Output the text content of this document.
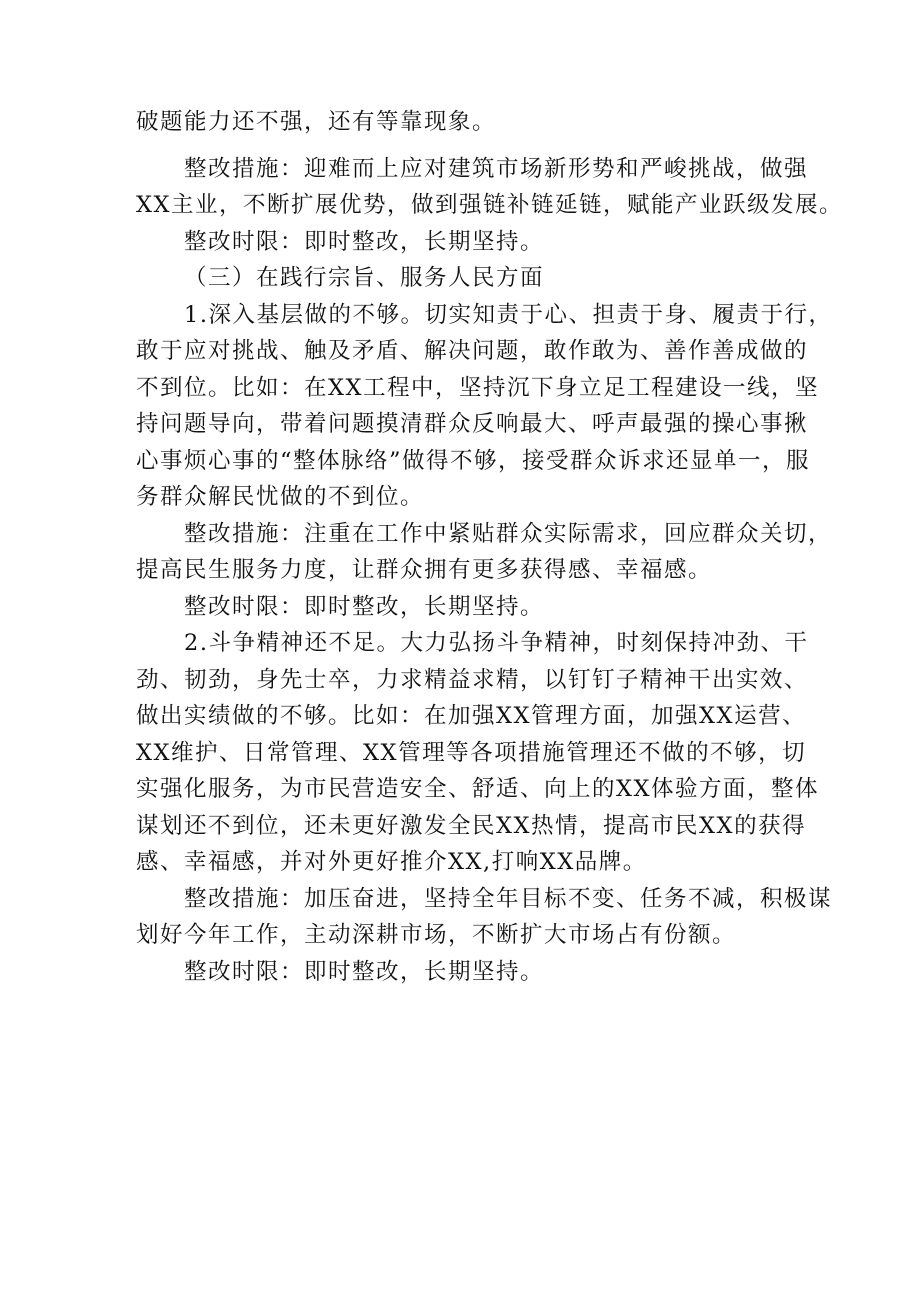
破题能力还不强，还有等靠现象。
整改措施：迎难而上应对建筑市场新形势和严峻挑战，做强
XX主业，不断扩展优势，做到强链补链延链，赋能产业跃级发展。
整改时限：即时整改，长期坚持。
（三）在践行宗旨、服务人民方面
1.深入基层做的不够。切实知责于心、担责于身、履责于行，
敢于应对挑战、触及矛盾、解决问题，敢作敢为、善作善成做的
不到位。比如：在XX工程中，坚持沉下身立足工程建设一线，坚
持问题导向，带着问题摸清群众反响最大、呼声最强的操心事揪
心事烦心事的“整体脉络”做得不够，接受群众诉求还显单一，服
务群众解民忧做的不到位。
整改措施：注重在工作中紧贴群众实际需求，回应群众关切，
提高民生服务力度，让群众拥有更多获得感、幸福感。
整改时限：即时整改，长期坚持。
2.斗争精神还不足。大力弘扬斗争精神，时刻保持冲劲、干
劲、韧劲，身先士卒，力求精益求精，以钉钉子精神干出实效、
做出实绩做的不够。比如：在加强XX管理方面，加强XX运营、
XX维护、日常管理、XX管理等各项措施管理还不做的不够，切
实强化服务，为市民营造安全、舒适、向上的XX体验方面，整体
谋划还不到位，还未更好激发全民XX热情，提高市民XX的获得
感、幸福感，并对外更好推介XX,打响XX品牌。
整改措施：加压奋进，坚持全年目标不变、任务不减，积极谋
划好今年工作，主动深耕市场，不断扩大市场占有份额。
整改时限：即时整改，长期坚持。
